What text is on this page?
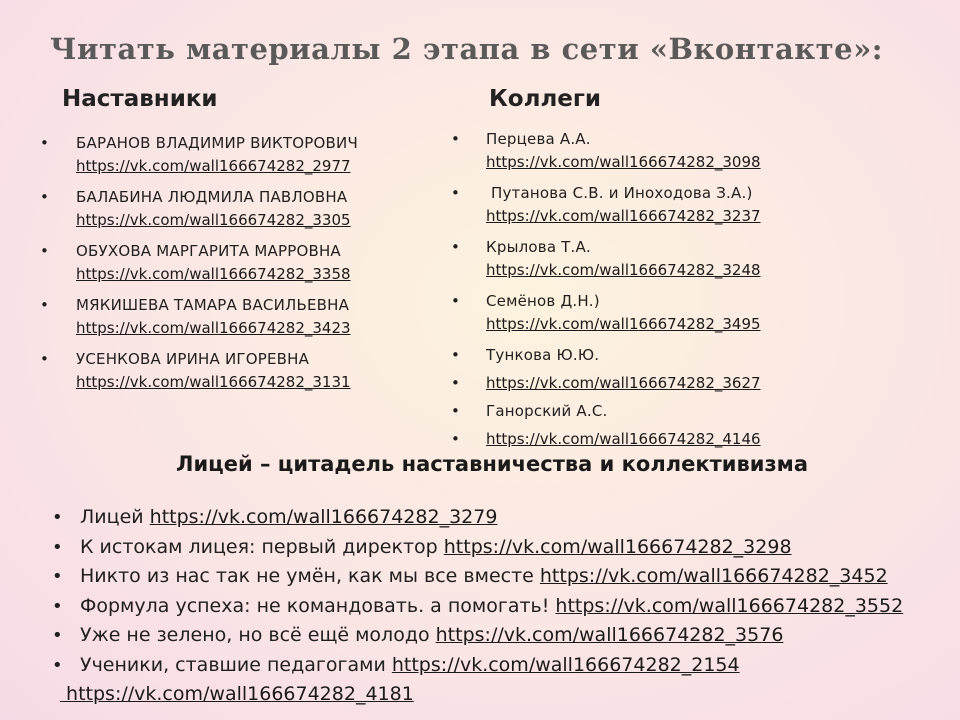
Читать материалы 2 этапа в сети «Вконтакте»:
Наставники	Коллеги
• БАРАНОВ ВЛАДИМИР ВИКТОРОВИЧ
https://vk.com/wall166674282_2977
• БАЛАБИНА ЛЮДМИЛА ПАВЛОВНА
https://vk.com/wall166674282_3305
• ОБУХОВА МАРГАРИТА МАРРОВНА
https://vk.com/wall166674282_3358
• МЯКИШЕВА ТАМАРА ВАСИЛЬЕВНА
https://vk.com/wall166674282_3423
• УСЕНКОВА ИРИНА ИГОРЕВНА
https://vk.com/wall166674282_3131
• Перцева А.А.
https://vk.com/wall166674282_3098
• Путанова С.В. и Иноходова З.А.)
https://vk.com/wall166674282_3237
• Крылова Т.А.
https://vk.com/wall166674282_3248
• Семёнов Д.Н.)
https://vk.com/wall166674282_3495
• Тункова Ю.Ю.
• https://vk.com/wall166674282_3627
• Ганорский А.С.
• https://vk.com/wall166674282_4146
Лицей – цитадель наставничества и коллективизма
• Лицей https://vk.com/wall166674282_3279
• К истокам лицея: первый директор https://vk.com/wall166674282_3298
• Никто из нас так не умён, как мы все вместе https://vk.com/wall166674282_3452
• Формула успеха: не командовать. а помогать! https://vk.com/wall166674282_3552
• Уже не зелено, но всё ещё молодо https://vk.com/wall166674282_3576
• Ученики, ставшие педагогами https://vk.com/wall166674282_2154
https://vk.com/wall166674282_4181
